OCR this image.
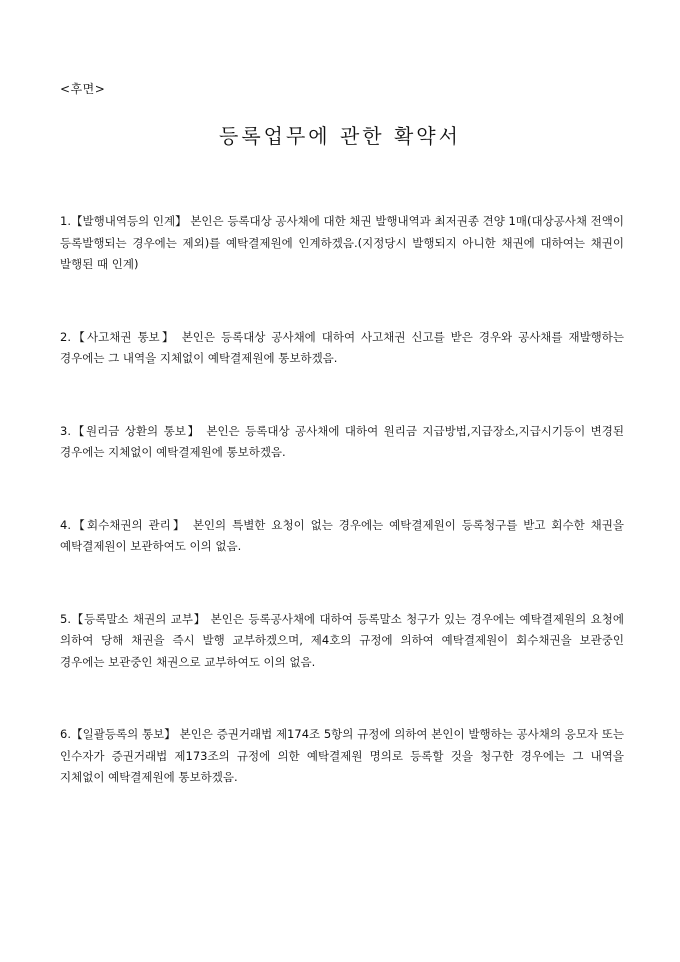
<후면>
등록업무에 관한 확약서

1.【발행내역등의 인계】 본인은 등록대상 공사채에 대한 채권 발행내역과 최저권종 견양 1매(대상공사채 전액이 등록발행되는 경우에는 제외)를 예탁결제원에 인계하겠음.(지정당시 발행되지 아니한 채권에 대하여는 채권이 발행된 때 인계)

2.【사고채권 통보】 본인은 등록대상 공사채에 대하여 사고채권 신고를 받은 경우와 공사채를 재발행하는 경우에는 그 내역을 지체없이 예탁결제원에 통보하겠음.

3.【원리금 상환의 통보】 본인은 등록대상 공사채에 대하여 원리금 지급방법,지급장소,지급시기등이 변경된 경우에는 지체없이 예탁결제원에 통보하겠음.

4.【회수채권의 관리】 본인의 특별한 요청이 없는 경우에는 예탁결제원이 등록청구를 받고 회수한 채권을 예탁결제원이 보관하여도 이의 없음.

5.【등록말소 채권의 교부】 본인은 등록공사채에 대하여 등록말소 청구가 있는 경우에는 예탁결제원의 요청에 의하여 당해 채권을 즉시 발행 교부하겠으며, 제4호의 규정에 의하여 예탁결제원이 회수채권을 보관중인 경우에는 보관중인 채권으로 교부하여도 이의 없음.

6.【일괄등록의 통보】 본인은 증권거래법 제174조 5항의 규정에 의하여 본인이 발행하는 공사채의 응모자 또는 인수자가 증권거래법 제173조의 규정에 의한 예탁결제원 명의로 등록할 것을 청구한 경우에는 그 내역을 지체없이 예탁결제원에 통보하겠음.
